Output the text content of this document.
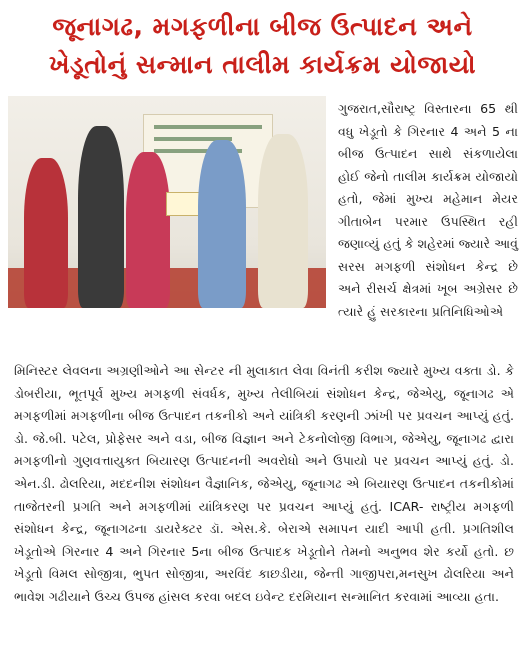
જૂનાગઢ, મગફળીના બીજ ઉત્પાદન અને
ખેડૂતોનું સન્માન તાલીમ કાર્યક્રમ યોજાયો

ગુજરાત,સૌરાષ્ટ્ર વિસ્તારના 65 થી વધુ ખેડૂતો કે ગિરનાર 4 અને 5 ના બીજ ઉત્પાદન સાથે સંકળાયેલા હોઈ જેનો તાલીમ કાર્યક્રમ યોજાયો હતો, જેમાં મુખ્ય મહેમાન મેયર ગીતાબેન પરમાર ઉપસ્થિત રહી જણાવ્યું હતું કે શહેરમાં જ્યારે આવું સરસ મગફળી સંશોધન કેન્દ્ર છે અને રીસર્ચ ક્ષેત્રમાં ખૂબ અગ્રેસર છે ત્યારે હું સરકારના પ્રતિનિધિઓએ

મિનિસ્ટર લેવલના અગ્રણીઓને આ સેન્ટર ની મુલાકાત લેવા વિનંતી કરીશ જ્યારે મુખ્ય વક્તા ડો. કે ડોબરીયા, ભૂતપૂર્વ મુખ્ય મગફળી સંવર્ધક, મુખ્ય તેલીબિયાં સંશોધન કેન્દ્ર, જેએયુ, જૂનાગઢ એ મગફળીમાં મગફળીના બીજ ઉત્પાદન તકનીકો અને યાંત્રિકી કરણની ઝાંખી પર પ્રવચન આપ્યું હતું. ડો. જે.બી. પટેલ, પ્રોફેસર અને વડા, બીજ વિજ્ઞાન અને ટેકનોલોજી વિભાગ, જેએયુ, જૂનાગઢ દ્વારા મગફળીનો ગુણવત્તાયુક્ત બિયારણ ઉત્પાદનની અવરોધો અને ઉપાયો પર પ્રવચન આપ્યું હતું. ડો. એન.ડી. ઢોલરિયા, મદદનીશ સંશોધન વૈજ્ઞાનિક, જેએયુ, જૂનાગઢ એ બિયારણ ઉત્પાદન તકનીકોમાં તાજેતરની પ્રગતિ અને મગફળીમાં યાંત્રિકરણ પર પ્રવચન આપ્યું હતું. ICAR- રાષ્ટ્રીય મગફળી સંશોધન કેન્દ્ર, જૂનાગઢના ડાયરેક્ટર ડૉ. એસ.કે. બેરાએ સમાપન યાદી આપી હતી. પ્રગતિશીલ ખેડૂતોએ ગિરનાર 4 અને ગિરનાર 5ના બીજ ઉત્પાદક ખેડૂતોને તેમનો અનુભવ શેર કર્યો હતો. છ ખેડૂતો વિમલ સોજીત્રા, ભુપત સોજીત્રા, અરવિંદ કાછડીયા, જેન્તી ગાજીપરા,મનસુખ ઢોલરિયા અને ભાવેશ ગઢીયાને ઉચ્ચ ઉપજ હાંસલ કરવા બદલ ઇવેન્ટ દરમિયાન સન્માનિત કરવામાં આવ્યા હતા.
